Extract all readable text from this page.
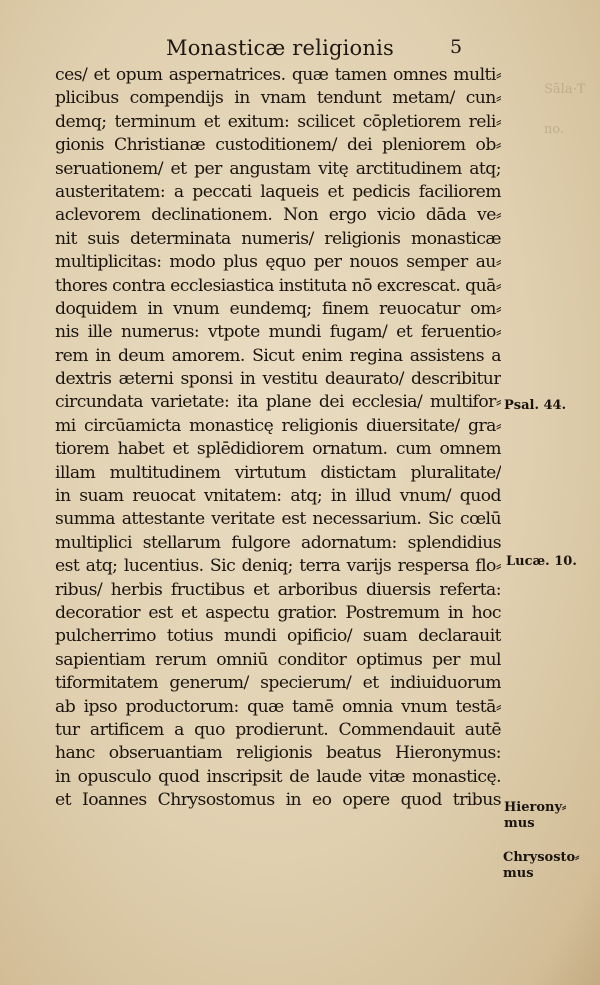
Sāla·T

no.
Monasticæ religionis	5
ces/ et opum aspernatrices. quæ tamen omnes multi⸗
plicibus compendijs in vnam tendunt metam/ cun⸗
demq; terminum et exitum: scilicet cōpletiorem reli⸗
gionis Christianæ custoditionem/ dei pleniorem ob⸗
seruationem/ et per angustam vitę arctitudinem atq;
austeritatem: a peccati laqueis et pedicis faciliorem
aclevorem declinationem. Non ergo vicio dāda ve⸗
nit suis determinata numeris/ religionis monasticæ
multiplicitas: modo plus ęquo per nouos semper au⸗
thores contra ecclesiastica instituta nō excrescat. quā⸗
doquidem in vnum eundemq; finem reuocatur om⸗
nis ille numerus: vtpote mundi fugam/ et feruentio⸗
rem in deum amorem. Sicut enim regina assistens a
dextris æterni sponsi in vestitu deaurato/ describitur
circundata varietate: ita plane dei ecclesia/ multifor⸗
mi circūamicta monasticę religionis diuersitate/ gra⸗
tiorem habet et splēdidiorem ornatum. cum omnem
illam multitudinem virtutum distictam pluralitate/
in suam reuocat vnitatem: atq; in illud vnum/ quod
summa attestante veritate est necessarium. Sic cœlū
multiplici stellarum fulgore adornatum: splendidius
est atq; lucentius. Sic deniq; terra varijs respersa flo⸗
ribus/ herbis fructibus et arboribus diuersis referta:
decoratior est et aspectu gratior. Postremum in hoc
pulcherrimo totius mundi opificio/ suam declarauit
sapientiam rerum omniū conditor optimus per mul
tiformitatem generum/ specierum/ et indiuiduorum
ab ipso productorum: quæ tamē omnia vnum testā⸗
tur artificem a quo prodierunt. Commendauit autē
hanc obseruantiam religionis beatus Hieronymus:
in opusculo quod inscripsit de laude vitæ monasticę.
et Ioannes Chrysostomus in eo opere quod tribus
Psal. 44.
Lucæ. 10.
Hierony⸗
mus
Chrysosto⸗
mus
